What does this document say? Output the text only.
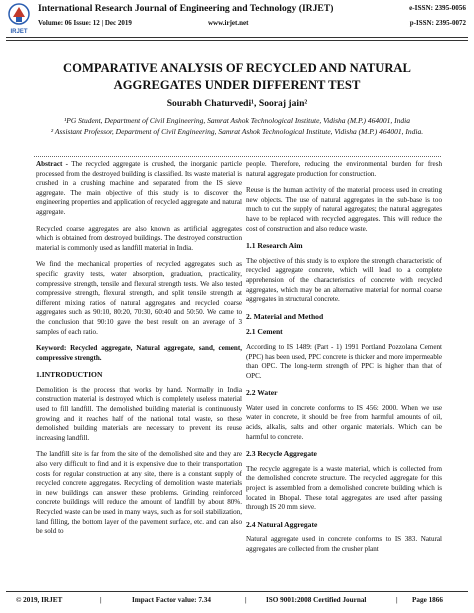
IRJET
International Research Journal of Engineering and Technology (IRJET)	e-ISSN: 2395-0056
Volume: 06 Issue: 12 | Dec 2019	www.irjet.net	p-ISSN: 2395-0072
COMPARATIVE ANALYSIS OF RECYCLED AND NATURAL AGGREGATES UNDER DIFFERENT TEST
Sourabh Chaturvedi¹, Sooraj jain²
¹PG Student, Department of Civil Engineering, Samrat Ashok Technological Institute, Vidisha (M.P.) 464001, India
² Assistant Professor, Department of Civil Engineering, Samrat Ashok Technological Institute, Vidisha (M.P.) 464001, India.

Abstract - The recycled aggregate is crushed, the inorganic particle processed from the destroyed building is classified. Its waste material is crushed in a crushing machine and separated from the IS sieve aggregate. The main objective of this study is to discover the engineering properties and application of recycled aggregate and natural aggregate.

Recycled coarse aggregates are also known as artificial aggregates which is obtained from destroyed buildings. The destroyed construction material is commonly used as landfill material in India.

We find the mechanical properties of recycled aggregates such as specific gravity tests, water absorption, graduation, practicality, compressive strength, tensile and flexural strength tests. We also tested compressive strength, flexural strength, and split tensile strength at different mixing ratios of natural aggregates and recycled coarse aggregates such as 90:10, 80:20, 70:30, 60:40 and 50:50. We came to the conclusion that 90:10 gave the best result on an average of 3 samples of each ratio.

Keyword: Recycled aggregate, Natural aggregate, sand, cement, compressive strength.

1.INTRODUCTION

Demolition is the process that works by hand. Normally in India construction material is destroyed which is completely useless material used to fill landfill. The demolished building material is continuously growing and it reaches half of the national total waste, so these demolished building materials are necessary to prevent its reuse increasing landfill.

The landfill site is far from the site of the demolished site and they are also very difficult to find and it is expensive due to their transportation costs for regular construction at any site, there is a constant supply of recycled concrete aggregates. Recycling of demolition waste materials in new buildings can answer these problems. Grinding reinforced concrete buildings will reduce the amount of landfill by about 80%. Recycled waste can be used in many ways, such as for soil stabilization, land filling, the bottom layer of the pavement surface, etc. and can also be sold to

people. Therefore, reducing the environmental burden for fresh natural aggregate production for construction.

Reuse is the human activity of the material process used in creating new objects. The use of natural aggregates in the sub-base is too much to cut the supply of natural aggregates; the natural aggregates have to be replaced with recycled aggregates. This will reduce the cost of construction and also reduce waste.

1.1 Research Aim

The objective of this study is to explore the strength characteristic of recycled aggregate concrete, which will lead to a complete apprehension of the characteristics of concrete with recycled aggregates, which may be an alternative material for normal coarse aggregates in structural concrete.

2. Material and Method
2.1 Cement

According to IS 1489: (Part - 1) 1991 Portland Pozzolana Cement (PPC) has been used, PPC concrete is thicker and more impermeable than OPC. The long-term strength of PPC is higher than that of OPC.

2.2 Water

Water used in concrete conforms to IS 456: 2000. When we use water in concrete, it should be free from harmful amounts of oil, acids, alkalis, salts and other organic materials. Which can be harmful to concrete.

2.3 Recycle Aggregate

The recycle aggregate is a waste material, which is collected from the demolished concrete structure. The recycled aggregate for this project is assembled from a demolished concrete building which is located in Bhopal. These total aggregates are used after passing through IS 20 mm sieve.

2.4 Natural Aggregate

Natural aggregate used in concrete conforms to IS 383. Natural aggregates are collected from the crusher plant

© 2019, IRJET	|	Impact Factor value: 7.34	|	ISO 9001:2008 Certified Journal	| Page 1866
